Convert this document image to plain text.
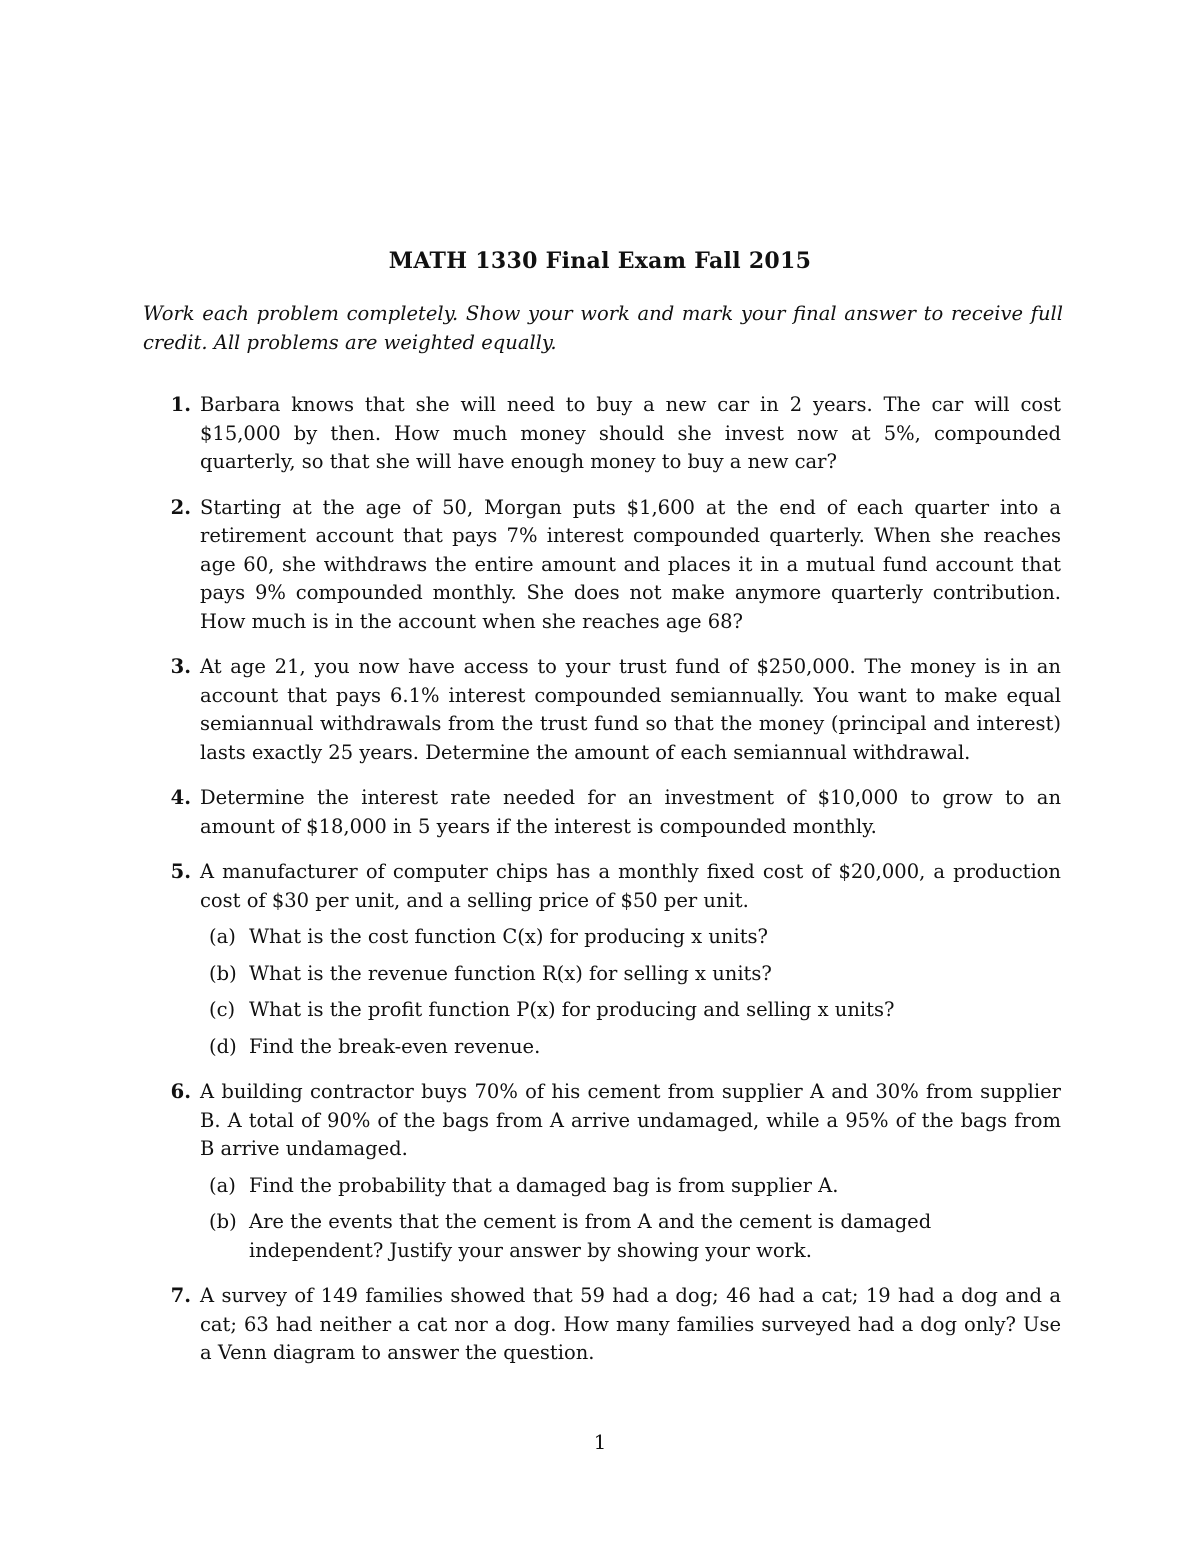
MATH 1330 Final Exam Fall 2015
Work each problem completely. Show your work and mark your final answer to receive full credit. All problems are weighted equally.
1. Barbara knows that she will need to buy a new car in 2 years. The car will cost $15,000 by then. How much money should she invest now at 5%, compounded quarterly, so that she will have enough money to buy a new car?
2. Starting at the age of 50, Morgan puts $1,600 at the end of each quarter into a retirement account that pays 7% interest compounded quarterly. When she reaches age 60, she withdraws the entire amount and places it in a mutual fund account that pays 9% compounded monthly. She does not make anymore quarterly contribution. How much is in the account when she reaches age 68?
3. At age 21, you now have access to your trust fund of $250,000. The money is in an account that pays 6.1% interest compounded semiannually. You want to make equal semiannual withdrawals from the trust fund so that the money (principal and interest) lasts exactly 25 years. Determine the amount of each semiannual withdrawal.
4. Determine the interest rate needed for an investment of $10,000 to grow to an amount of $18,000 in 5 years if the interest is compounded monthly.
5. A manufacturer of computer chips has a monthly fixed cost of $20,000, a production cost of $30 per unit, and a selling price of $50 per unit.
(a) What is the cost function C(x) for producing x units?
(b) What is the revenue function R(x) for selling x units?
(c) What is the profit function P(x) for producing and selling x units?
(d) Find the break-even revenue.
6. A building contractor buys 70% of his cement from supplier A and 30% from supplier B. A total of 90% of the bags from A arrive undamaged, while a 95% of the bags from B arrive undamaged.
(a) Find the probability that a damaged bag is from supplier A.
(b) Are the events that the cement is from A and the cement is damaged independent? Justify your answer by showing your work.
7. A survey of 149 families showed that 59 had a dog; 46 had a cat; 19 had a dog and a cat; 63 had neither a cat nor a dog. How many families surveyed had a dog only? Use a Venn diagram to answer the question.
1
